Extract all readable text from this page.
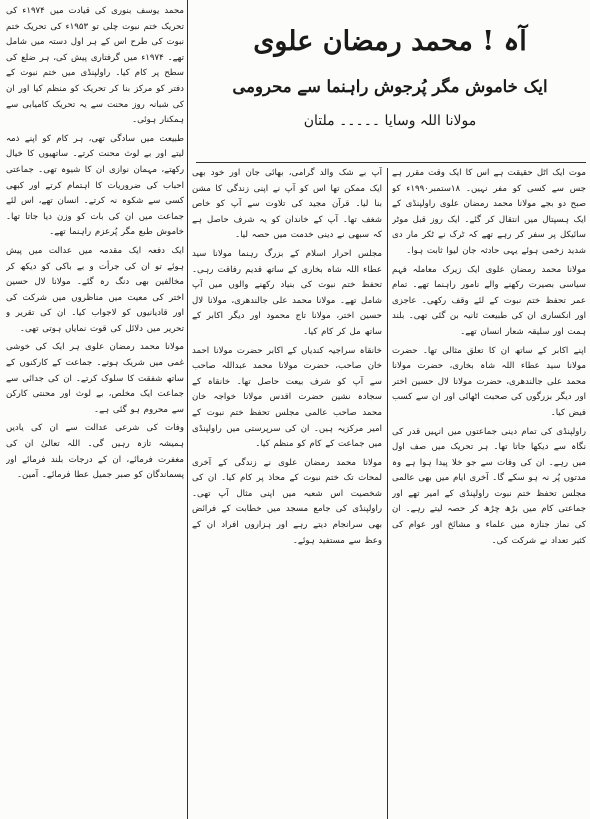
محمد یوسف بنوری کی قیادت میں ۱۹۷۴ء کی تحریک ختم نبوت چلی تو ۱۹۵۳ء کی تحریک ختم نبوت کی طرح اس کے ہر اول دستہ میں شامل تھے۔ ۱۹۷۴ء میں گرفتاری پیش کی، ہر ضلع کی سطح پر کام کیا۔ راولپنڈی میں ختم نبوت کے دفتر کو مرکز بنا کر تحریک کو منظم کیا اور ان کی شبانہ روز محنت سے یہ تحریک کامیابی سے ہمکنار ہوئی۔

طبیعت میں سادگی تھی، ہر کام کو اپنے ذمہ لیتے اور بے لوث محنت کرتے۔ ساتھیوں کا خیال رکھتے، مہمان نوازی ان کا شیوہ تھی۔ جماعتی احباب کی ضروریات کا اہتمام کرتے اور کبھی کسی سے شکوہ نہ کرتے۔ انسان تھے، اس لئے جماعت میں ان کی بات کو وزن دیا جاتا تھا۔ خاموش طبع مگر پُرعزم راہنما تھے۔

ایک دفعہ ایک مقدمہ میں عدالت میں پیش ہوئے تو ان کی جرأت و بے باکی کو دیکھ کر مخالفین بھی دنگ رہ گئے۔ مولانا لال حسین اختر کی معیت میں مناظروں میں شرکت کی اور قادیانیوں کو لاجواب کیا۔ ان کی تقریر و تحریر میں دلائل کی قوت نمایاں ہوتی تھی۔

مولانا محمد رمضان علوی ہر ایک کی خوشی غمی میں شریک ہوتے۔ جماعت کے کارکنوں کے ساتھ شفقت کا سلوک کرتے۔ ان کی جدائی سے جماعت ایک مخلص، بے لوث اور محنتی کارکن سے محروم ہو گئی ہے۔

وفات کی شرعی عدالت سے ان کی یادیں ہمیشہ تازہ رہیں گی۔ اللہ تعالیٰ ان کی مغفرت فرمائے، ان کے درجات بلند فرمائے اور پسماندگان کو صبر جمیل عطا فرمائے۔ آمین۔

آہ ! محمد رمضان علوی
ایک خاموش مگر پُرجوش راہنما سے محرومی
مولانا اللہ وسایا ۔۔۔۔۔ ملتان

آپ بے شک والد گرامی، بھائی جان اور خود بھی ایک ممکن تھا اس کو آپ نے اپنی زندگی کا مشن بنا لیا۔ قرآن مجید کی تلاوت سے آپ کو خاص شغف تھا۔ آپ کے خاندان کو یہ شرف حاصل ہے کہ سبھی نے دینی خدمت میں حصہ لیا۔

مجلس احرار اسلام کے بزرگ رہنما مولانا سید عطاء اللہ شاہ بخاری کے ساتھ قدیم رفاقت رہی۔ تحفظ ختم نبوت کی بنیاد رکھنے والوں میں آپ شامل تھے۔ مولانا محمد علی جالندھری، مولانا لال حسین اختر، مولانا تاج محمود اور دیگر اکابر کے ساتھ مل کر کام کیا۔

خانقاہ سراجیہ کندیاں کے اکابر حضرت مولانا احمد خان صاحب، حضرت مولانا محمد عبداللہ صاحب سے آپ کو شرف بیعت حاصل تھا۔ خانقاہ کے سجادہ نشین حضرت اقدس مولانا خواجہ خان محمد صاحب عالمی مجلس تحفظ ختم نبوت کے امیر مرکزیہ ہیں۔ ان کی سرپرستی میں راولپنڈی میں جماعت کے کام کو منظم کیا۔

مولانا محمد رمضان علوی نے زندگی کے آخری لمحات تک ختم نبوت کے محاذ پر کام کیا۔ ان کی شخصیت اس شعبہ میں اپنی مثال آپ تھی۔ راولپنڈی کی جامع مسجد میں خطابت کے فرائض بھی سرانجام دیتے رہے اور ہزاروں افراد ان کے وعظ سے مستفید ہوئے۔

موت ایک اٹل حقیقت ہے اس کا ایک وقت مقرر ہے جس سے کسی کو مفر نہیں۔ ۱۸ستمبر۱۹۹۰ء کو صبح دو بجے مولانا محمد رمضان علوی راولپنڈی کے ایک ہسپتال میں انتقال کر گئے۔ ایک روز قبل موٹر سائیکل پر سفر کر رہے تھے کہ ٹرک نے ٹکر مار دی شدید زخمی ہوئے یہی حادثہ جان لیوا ثابت ہوا۔

مولانا محمد رمضان علوی ایک زیرک معاملہ فہم سیاسی بصیرت رکھنے والے نامور راہنما تھے۔ تمام عمر تحفظ ختم نبوت کے لئے وقف رکھی۔ عاجزی اور انکساری ان کی طبیعت ثانیہ بن گئی تھی۔ بلند ہمت اور سلیقہ شعار انسان تھے۔

اپنے اکابر کے ساتھ ان کا تعلق مثالی تھا۔ حضرت مولانا سید عطاء اللہ شاہ بخاری، حضرت مولانا محمد علی جالندھری، حضرت مولانا لال حسین اختر اور دیگر بزرگوں کی صحبت اٹھائی اور ان سے کسب فیض کیا۔

راولپنڈی کی تمام دینی جماعتوں میں انہیں قدر کی نگاہ سے دیکھا جاتا تھا۔ ہر تحریک میں صف اول میں رہے۔ ان کی وفات سے جو خلا پیدا ہوا ہے وہ مدتوں پُر نہ ہو سکے گا۔ آخری ایام میں بھی عالمی مجلس تحفظ ختم نبوت راولپنڈی کے امیر تھے اور جماعتی کام میں بڑھ چڑھ کر حصہ لیتے رہے۔ ان کی نماز جنازہ میں علماء و مشائخ اور عوام کی کثیر تعداد نے شرکت کی۔
